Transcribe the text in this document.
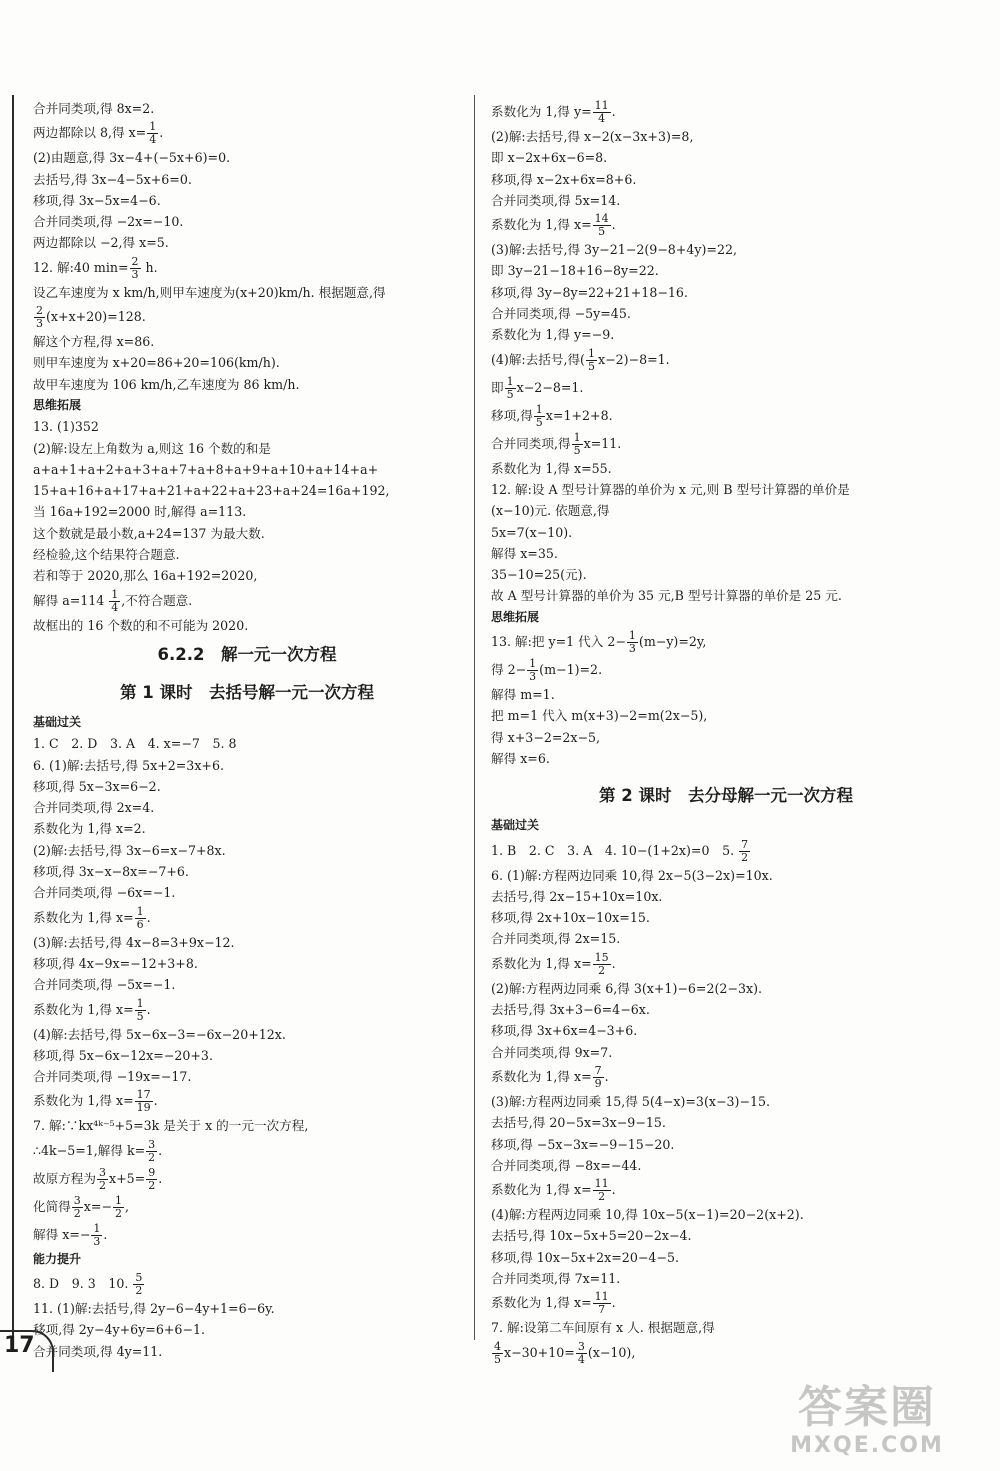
合并同类项,得 8x=2.
两边都除以 8,得 $x= \frac{1}{4}$ .
(2)由题意,得 3x−4+(−5x+6)=0.
去括号,得 3x−4−5x+6=0.
移项,得 3x−5x=4−6.
合并同类项,得 −2x=−10.
两边都除以 −2,得 x=5.
12. 解:40 $\min= \frac{2}{3} h$.
设乙车速度为 x km/h,则甲车速度为(x+20)km/h. 根据题意,得
$\frac{2}{3} (x+x+20)=128$.
解这个方程,得 x=86.
则甲车速度为 x+20=86+20=106(km/h).
故甲车速度为 106 km/h,乙车速度为 86 km/h.
思维拓展
13. (1)352
(2)解:设左上角数为 a,则这 16 个数的和是
a+a+1+a+2+a+3+a+7+a+8+a+9+a+10+a+14+a+
15+a+16+a+17+a+21+a+22+a+23+a+24=16a+192,
当 16a+192=2000 时,解得 a=113.
这个数就是最小数,a+24=137 为最大数.
经检验,这个结果符合题意.
若和等于 2020,那么 16a+192=2020,
解得 $a=114 \frac{1}{4}$ ,不符合题意.
故框出的 16 个数的和不可能为 2020.
6.2.2　解一元一次方程
第 1 课时　去括号解一元一次方程
基础过关
1. C　2. D　3. A　4. x=−7　5. 8
6. (1)解:去括号,得 5x+2=3x+6.
移项,得 5x−3x=6−2.
合并同类项,得 2x=4.
系数化为 1,得 x=2.
(2)解:去括号,得 3x−6=x−7+8x.
移项,得 3x−x−8x=−7+6.
合并同类项,得 −6x=−1.
系数化为 1,得 $x= \frac{1}{6}$ .
(3)解:去括号,得 4x−8=3+9x−12.
移项,得 4x−9x=−12+3+8.
合并同类项,得 −5x=−1.
系数化为 1,得 $x= \frac{1}{5}$ .
(4)解:去括号,得 5x−6x−3=−6x−20+12x.
移项,得 5x−6x−12x=−20+3.
合并同类项,得 −19x=−17.
系数化为 1,得 $x= \frac{17}{19}$ .
7. 解:∵kx⁴ᵏ⁻⁵+5=3k 是关于 x 的一元一次方程,
∴4k−5=1,解得 $k= \frac{3}{2}$ .
故原方程为 $\frac{3}{2} x+5= \frac{9}{2}$ .
化简得 $\frac{3}{2} x=- \frac{1}{2}$ ,
解得 $x=- \frac{1}{3}$ .
能力提升
8. D　9. 3　10. $\frac{5}{2}$
11. (1)解:去括号,得 2y−6−4y+1=6−6y.
移项,得 2y−4y+6y=6+6−1.
合并同类项,得 4y=11.
系数化为 1,得 $y= \frac{11}{4}$ .
(2)解:去括号,得 x−2(x−3x+3)=8,
即 x−2x+6x−6=8.
移项,得 x−2x+6x=8+6.
合并同类项,得 5x=14.
系数化为 1,得 $x= \frac{14}{5}$ .
(3)解:去括号,得 3y−21−2(9−8+4y)=22,
即 3y−21−18+16−8y=22.
移项,得 3y−8y=22+21+18−16.
合并同类项,得 −5y=45.
系数化为 1,得 y=−9.
(4)解:去括号,得( $\frac{1}{5} x-2)-8=1$.
即 $\frac{1}{5} x-2-8=1$.
移项,得 $\frac{1}{5} x=1+2+8$.
合并同类项,得 $\frac{1}{5} x=11$.
系数化为 1,得 x=55.
12. 解:设 A 型号计算器的单价为 x 元,则 B 型号计算器的单价是
(x−10)元. 依题意,得
5x=7(x−10).
解得 x=35.
35−10=25(元).
故 A 型号计算器的单价为 35 元,B 型号计算器的单价是 25 元.
思维拓展
13. 解:把 y=1 代入 $2- \frac{1}{3} (m-y)=2y$,
得 $2- \frac{1}{3} (m-1)=2$.
解得 m=1.
把 m=1 代入 m(x+3)−2=m(2x−5),
得 x+3−2=2x−5,
解得 x=6.
第 2 课时　去分母解一元一次方程
基础过关
1. B　2. C　3. A　4. 10−(1+2x)=0　5. $\frac{7}{2}$
6. (1)解:方程两边同乘 10,得 2x−5(3−2x)=10x.
去括号,得 2x−15+10x=10x.
移项,得 2x+10x−10x=15.
合并同类项,得 2x=15.
系数化为 1,得 $x= \frac{15}{2}$ .
(2)解:方程两边同乘 6,得 3(x+1)−6=2(2−3x).
去括号,得 3x+3−6=4−6x.
移项,得 3x+6x=4−3+6.
合并同类项,得 9x=7.
系数化为 1,得 $x= \frac{7}{9}$ .
(3)解:方程两边同乘 15,得 5(4−x)=3(x−3)−15.
去括号,得 20−5x=3x−9−15.
移项,得 −5x−3x=−9−15−20.
合并同类项,得 −8x=−44.
系数化为 1,得 $x= \frac{11}{2}$ .
(4)解:方程两边同乘 10,得 10x−5(x−1)=20−2(x+2).
去括号,得 10x−5x+5=20−2x−4.
移项,得 10x−5x+2x=20−4−5.
合并同类项,得 7x=11.
系数化为 1,得 $x= \frac{11}{7}$ .
7. 解:设第二车间原有 x 人. 根据题意,得
$\frac{4}{5} x-30+10= \frac{3}{4} (x-10)$,
17
答案圈
MXQE.COM
